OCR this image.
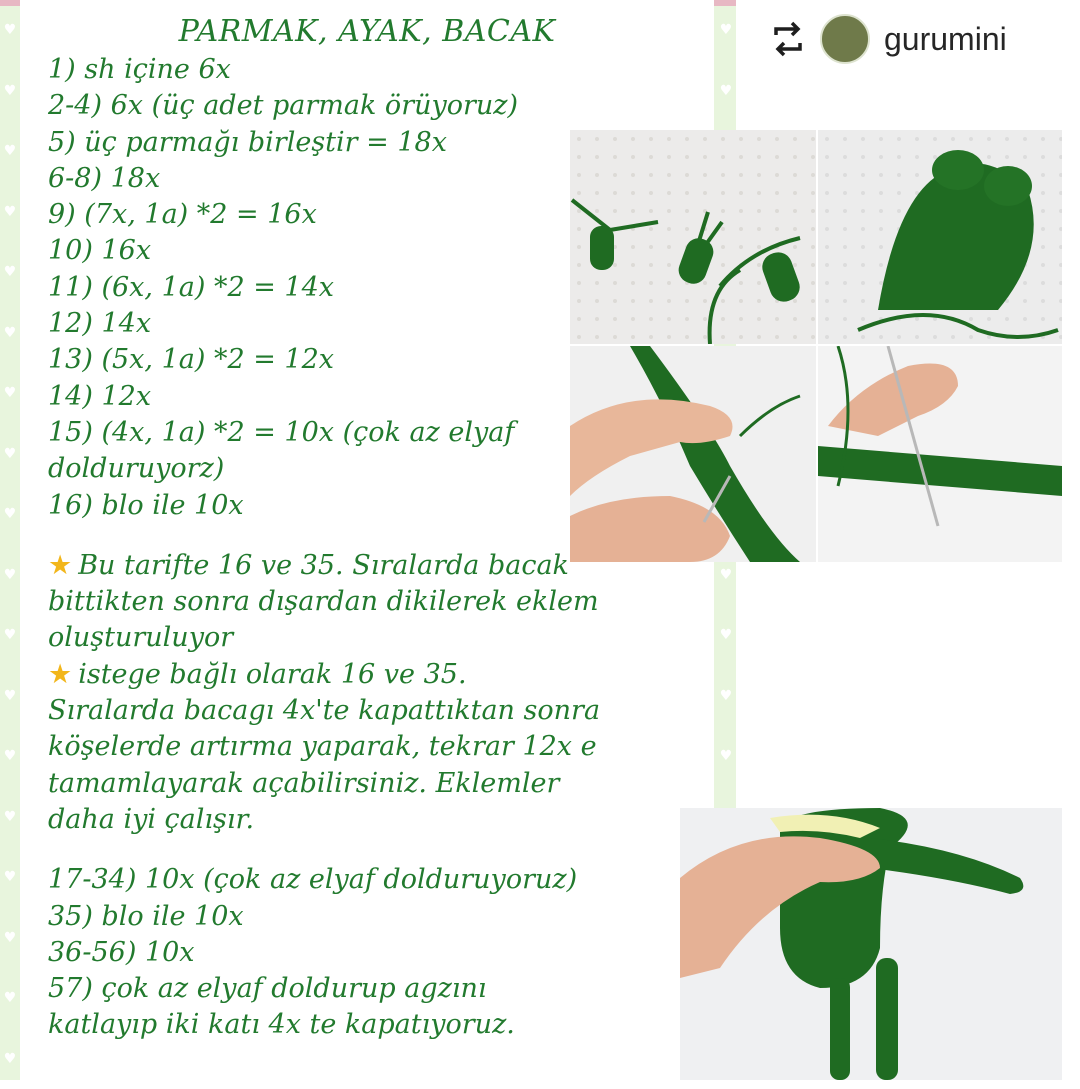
♥
♥
♥
♥
♥
♥
♥
♥
♥
♥
♥
♥
♥
♥
♥
♥
♥
♥
♥
♥
♥
♥
♥
♥
PARMAK, AYAK, BACAK
1) sh içine 6x
2-4) 6x (üç adet parmak örüyoruz)
5) üç parmağı birleştir = 18x
6-8) 18x
9) (7x, 1a) *2 = 16x
10) 16x
11) (6x, 1a) *2 = 14x
12) 14x
13) (5x, 1a) *2 = 12x
14) 12x
15) (4x, 1a) *2 = 10x (çok az elyaf
dolduruyorz)
16) blo ile 10x
★ Bu tarifte 16 ve 35. Sıralarda bacak
bittikten sonra dışardan dikilerek eklem
oluşturuluyor
★ istege bağlı olarak 16 ve 35.
Sıralarda bacagı 4x'te kapattıktan sonra
köşelerde artırma yaparak, tekrar 12x e
tamamlayarak açabilirsiniz. Eklemler
daha iyi çalışır.
17-34) 10x (çok az elyaf dolduruyoruz)
35) blo ile 10x
36-56) 10x
57) çok az elyaf doldurup agzını
katlayıp iki katı 4x te kapatıyoruz.
gurumini
